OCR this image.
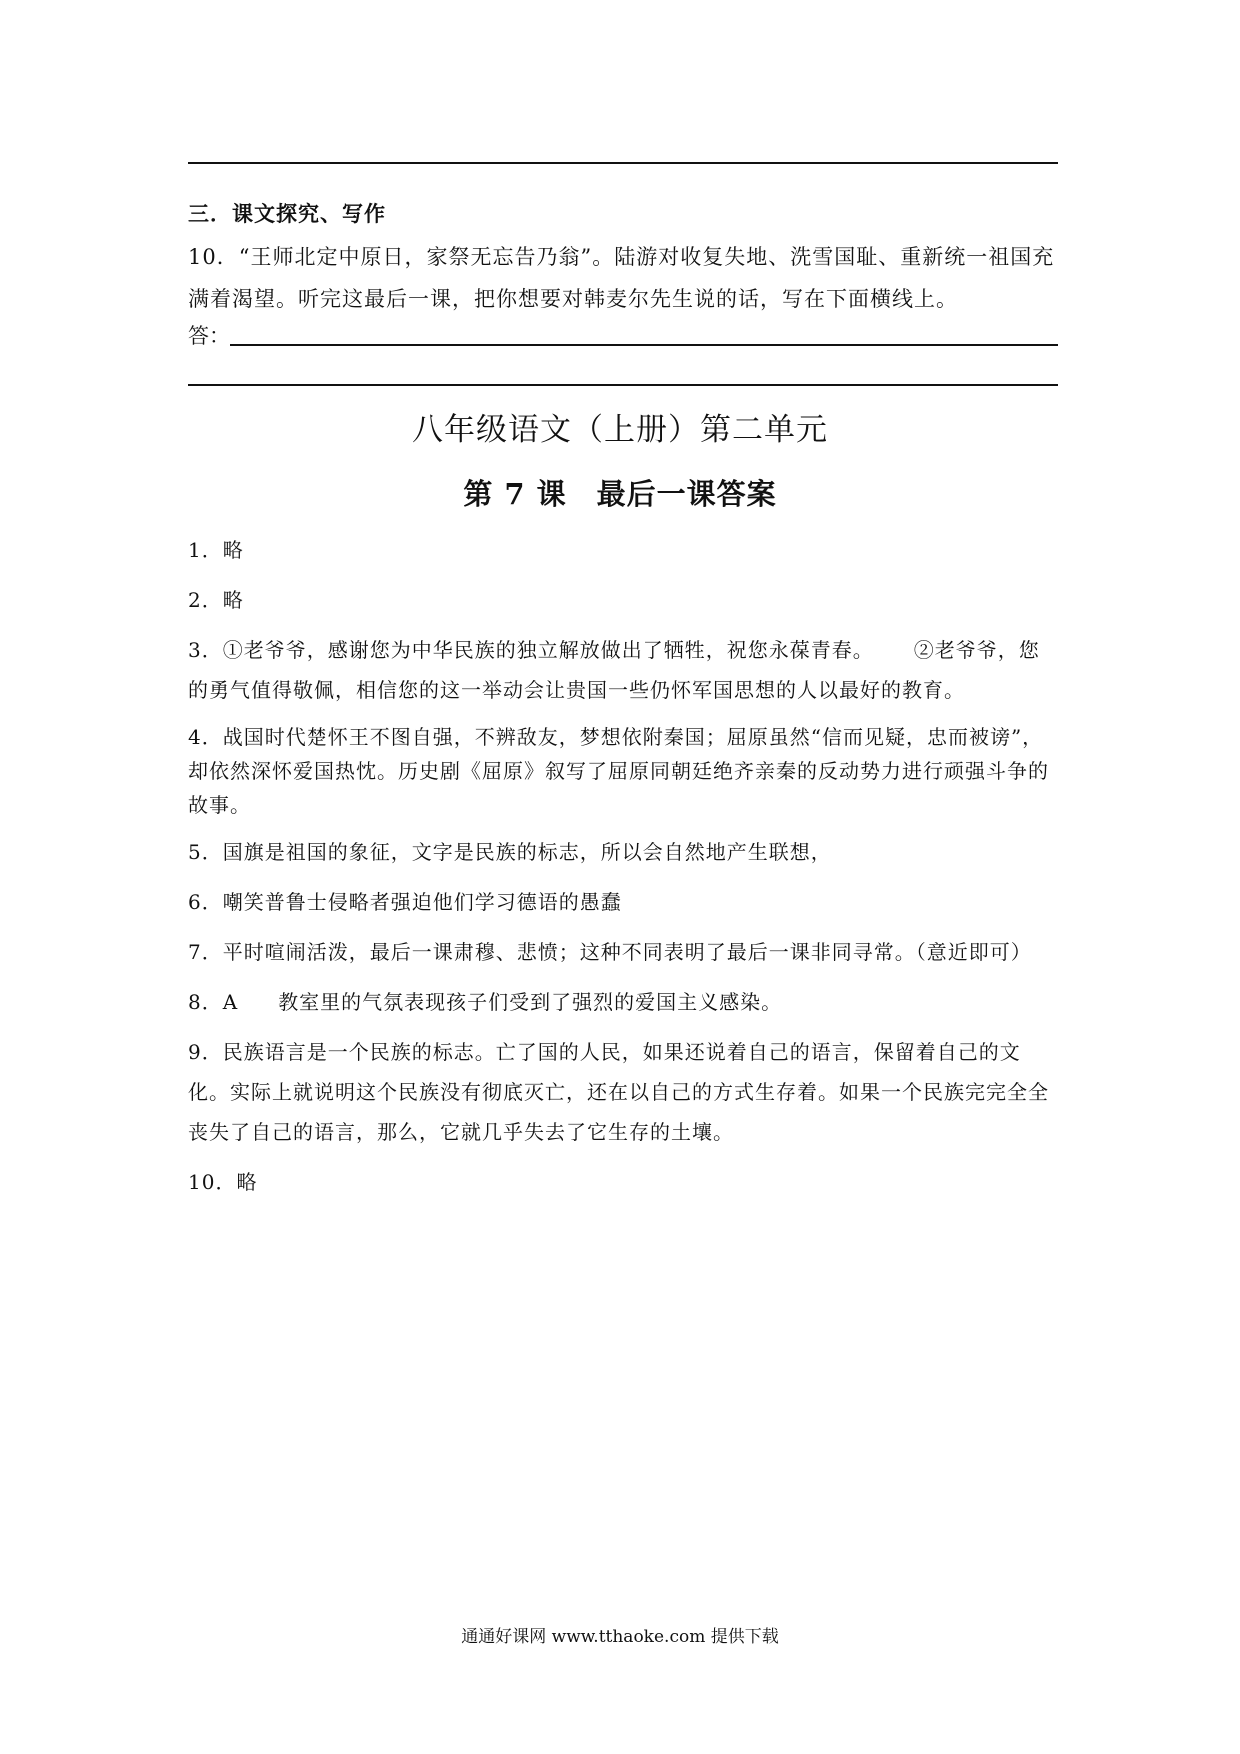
三．课文探究、写作
10．“王师北定中原日，家祭无忘告乃翁”。陆游对收复失地、洗雪国耻、重新统一祖国充满着渴望。听完这最后一课，把你想要对韩麦尔先生说的话，写在下面横线上。
答：
八年级语文（上册）第二单元
第 7 课　最后一课答案

1．略

2．略

3．①老爷爷，感谢您为中华民族的独立解放做出了牺牲，祝您永葆青春。 ②老爷爷，您的勇气值得敬佩，相信您的这一举动会让贵国一些仍怀军国思想的人以最好的教育。

4．战国时代楚怀王不图自强，不辨敌友，梦想依附秦国；屈原虽然“信而见疑，忠而被谤”，却依然深怀爱国热忱。历史剧《屈原》叙写了屈原同朝廷绝齐亲秦的反动势力进行顽强斗争的故事。

5．国旗是祖国的象征，文字是民族的标志，所以会自然地产生联想，

6．嘲笑普鲁士侵略者强迫他们学习德语的愚蠢

7．平时喧闹活泼，最后一课肃穆、悲愤；这种不同表明了最后一课非同寻常。（意近即可）

8．A 教室里的气氛表现孩子们受到了强烈的爱国主义感染。

9．民族语言是一个民族的标志。亡了国的人民，如果还说着自己的语言，保留着自己的文化。实际上就说明这个民族没有彻底灭亡，还在以自己的方式生存着。如果一个民族完完全全丧失了自己的语言，那么，它就几乎失去了它生存的土壤。

10．略

通通好课网 www.tthaoke.com 提供下载
